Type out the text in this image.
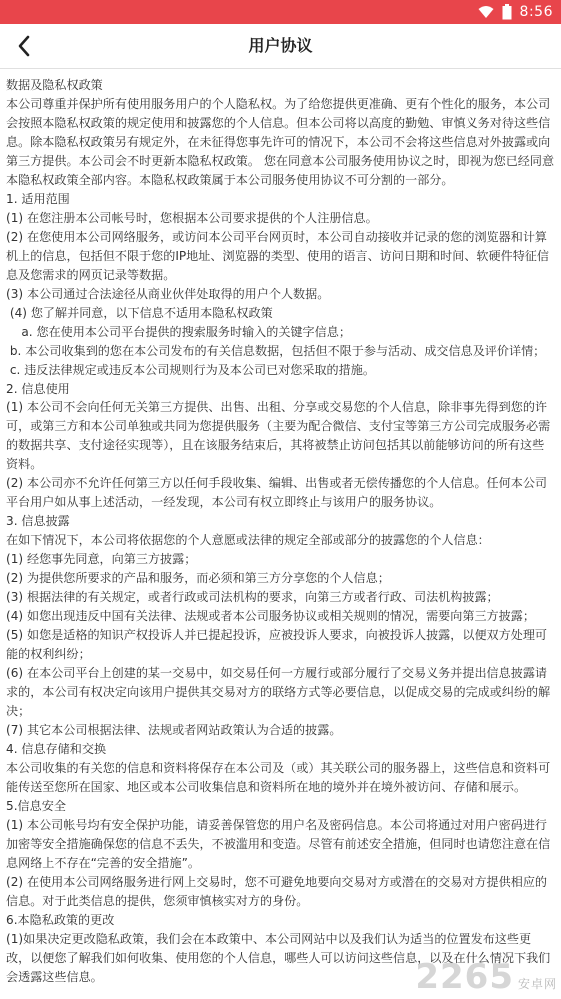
8:56
用户协议

数据及隐私权政策

本公司尊重并保护所有使用服务用户的个人隐私权。为了给您提供更准确、更有个性化的服务，本公司会按照本隐私权政策的规定使用和披露您的个人信息。但本公司将以高度的勤勉、审慎义务对待这些信息。除本隐私权政策另有规定外，在未征得您事先许可的情况下，本公司不会将这些信息对外披露或向第三方提供。本公司会不时更新本隐私权政策。 您在同意本公司服务使用协议之时，即视为您已经同意本隐私权政策全部内容。本隐私权政策属于本公司服务使用协议不可分割的一部分。

1. 适用范围

(1) 在您注册本公司帐号时，您根据本公司要求提供的个人注册信息。

(2) 在您使用本公司网络服务，或访问本公司平台网页时，本公司自动接收并记录的您的浏览器和计算机上的信息，包括但不限于您的IP地址、浏览器的类型、使用的语言、访问日期和时间、软硬件特征信息及您需求的网页记录等数据。

(3) 本公司通过合法途径从商业伙伴处取得的用户个人数据。

(4) 您了解并同意，以下信息不适用本隐私权政策

a. 您在使用本公司平台提供的搜索服务时输入的关键字信息；

b. 本公司收集到的您在本公司发布的有关信息数据，包括但不限于参与活动、成交信息及评价详情；

c. 违反法律规定或违反本公司规则行为及本公司已对您采取的措施。

2. 信息使用

(1) 本公司不会向任何无关第三方提供、出售、出租、分享或交易您的个人信息，除非事先得到您的许可，或第三方和本公司单独或共同为您提供服务（主要为配合微信、支付宝等第三方公司完成服务必需的数据共享、支付途径实现等），且在该服务结束后，其将被禁止访问包括其以前能够访问的所有这些资料。

(2) 本公司亦不允许任何第三方以任何手段收集、编辑、出售或者无偿传播您的个人信息。任何本公司平台用户如从事上述活动，一经发现，本公司有权立即终止与该用户的服务协议。

3. 信息披露

在如下情况下，本公司将依据您的个人意愿或法律的规定全部或部分的披露您的个人信息：

(1) 经您事先同意，向第三方披露；

(2) 为提供您所要求的产品和服务，而必须和第三方分享您的个人信息；

(3) 根据法律的有关规定，或者行政或司法机构的要求，向第三方或者行政、司法机构披露；

(4) 如您出现违反中国有关法律、法规或者本公司服务协议或相关规则的情况，需要向第三方披露；

(5) 如您是适格的知识产权投诉人并已提起投诉，应被投诉人要求，向被投诉人披露，以便双方处理可能的权利纠纷；

(6) 在本公司平台上创建的某一交易中，如交易任何一方履行或部分履行了交易义务并提出信息披露请求的，本公司有权决定向该用户提供其交易对方的联络方式等必要信息，以促成交易的完成或纠纷的解决；

(7) 其它本公司根据法律、法规或者网站政策认为合适的披露。

4. 信息存储和交换

本公司收集的有关您的信息和资料将保存在本公司及（或）其关联公司的服务器上，这些信息和资料可能传送至您所在国家、地区或本公司收集信息和资料所在地的境外并在境外被访问、存储和展示。

5.信息安全

(1) 本公司帐号均有安全保护功能，请妥善保管您的用户名及密码信息。本公司将通过对用户密码进行加密等安全措施确保您的信息不丢失，不被滥用和变造。尽管有前述安全措施，但同时也请您注意在信息网络上不存在“完善的安全措施”。

(2) 在使用本公司网络服务进行网上交易时，您不可避免地要向交易对方或潜在的交易对方提供相应的信息。对于此类信息的提供，您须审慎核实对方的身份。

6.本隐私政策的更改

(1)如果决定更改隐私政策，我们会在本政策中、本公司网站中以及我们认为适当的位置发布这些更改，以便您了解我们如何收集、使用您的个人信息，哪些人可以访问这些信息，以及在什么情况下我们会透露这些信息。	2265 安卓网
